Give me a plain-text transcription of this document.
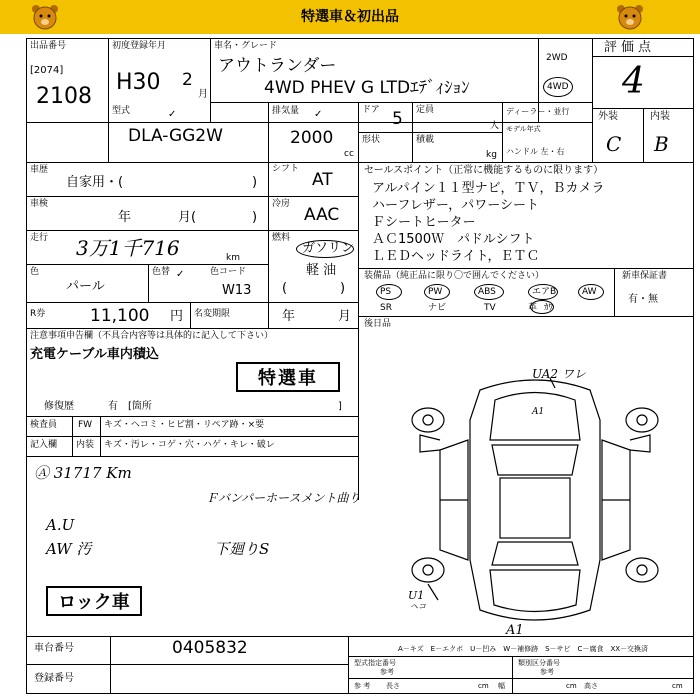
特選車＆初出品
出品番号
[2074]
2108
初度登録年月
H30 2
月
車名・グレード
アウトランダー
4WD PHEV G LTDｴﾃﾞｨｼｮﾝ
2WD
4WD
評価点
4
外装	内装
C B
型式	✓
DLA-GG2W
排気量 ✓
2000
cc
ドア 5
形状
定員
人
積載
kg
ディーラー・並行
モデル年式
ハンドル 左・右
車歴
自家用・(	)
車検
年	月(	)
走行 3万1千716	km
色
パール
色替 ✓	色コード
W13 (	)
R券	11,100 円 名変期限	年	月
シフト
AT
冷房
AAC
燃料
ガソリン
軽 油
セールスポイント（正常に機能するものに限ります）
アルパイン１１型ナビ，ＴＶ，Ｂカメラ
ハーフレザー，パワーシート
Ｆシートヒーター
ＡＣ1500Ｗ　パドルシフト
ＬＥＤヘッドライト，ＥＴＣ
装備品（純正品に限り〇で囲んでください）	新車保証書
有・無
PS	PW	ABS	エアB	AW
SR	ナビ	TV	革 ｶﾜ
後日品
注意事項申告欄（不具合内容等は具体的に記入して下さい）
充電ケーブル車内積込
特選車
修復歴	有 [箇所	]
検査員
記入欄
FW キズ・ヘコミ・ヒビ割・リペア跡・×要
内装 キズ・汚レ・コゲ・穴・ハゲ・キレ・破レ
Ⓐ 31717 Km
Ｆバンパーホースメント曲り
A.U
AW 汚	下廻りS
ロック車
UA2 ワレ
A1
A1
U1
ヘコ
A－キズ　E－エクボ　U－凹み　W－補修跡　S－サビ　C－腐食　XX－交換済
車台番号	0405832
登録番号
型式指定番号
参考
類別区分番号
参考
参 考 長さ	cm 幅	cm 高さ	cm
